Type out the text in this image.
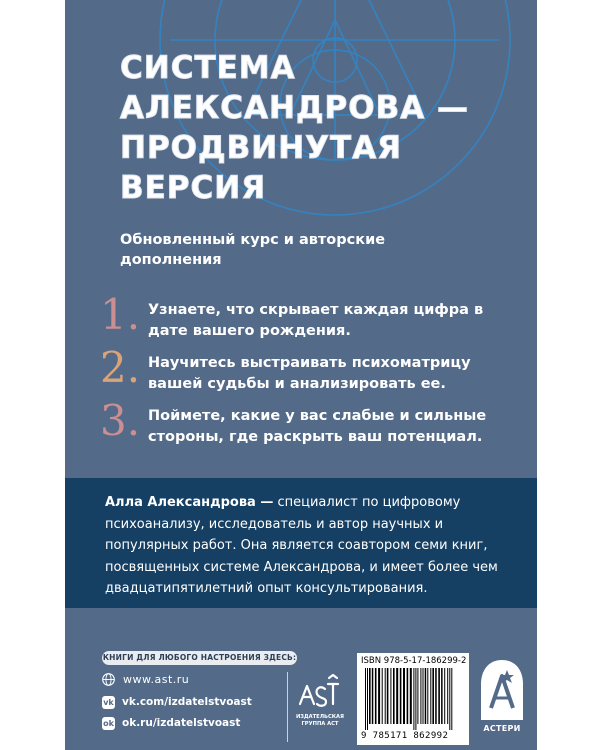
СИСТЕМА
АЛЕКСАНДРОВА —
ПРОДВИНУТАЯ
ВЕРСИЯ
Обновленный курс и авторские дополнения
1. Узнаете, что скрывает каждая цифра в дате вашего рождения.
2. Научитесь выстраивать психоматрицу вашей судьбы и анализировать ее.
3. Поймете, какие у вас слабые и сильные стороны, где раскрыть ваш потенциал.
Алла Александрова — специалист по цифровому психоанализу, исследователь и автор научных и популярных работ. Она является соавтором семи книг, посвященных системе Александрова, и имеет более чем двадцатипятилетний опыт консультирования.
КНИГИ ДЛЯ ЛЮБОГО НАСТРОЕНИЯ ЗДЕСЬ:
www.ast.ru
vk vk.com/izdatelstvoast
ok ok.ru/izdatelstvoast	ИЗДАТЕЛЬСКАЯ ГРУППА АСТ
ISBN 978-5-17-186299-2
9 785171 862992
АСТЕРИ
